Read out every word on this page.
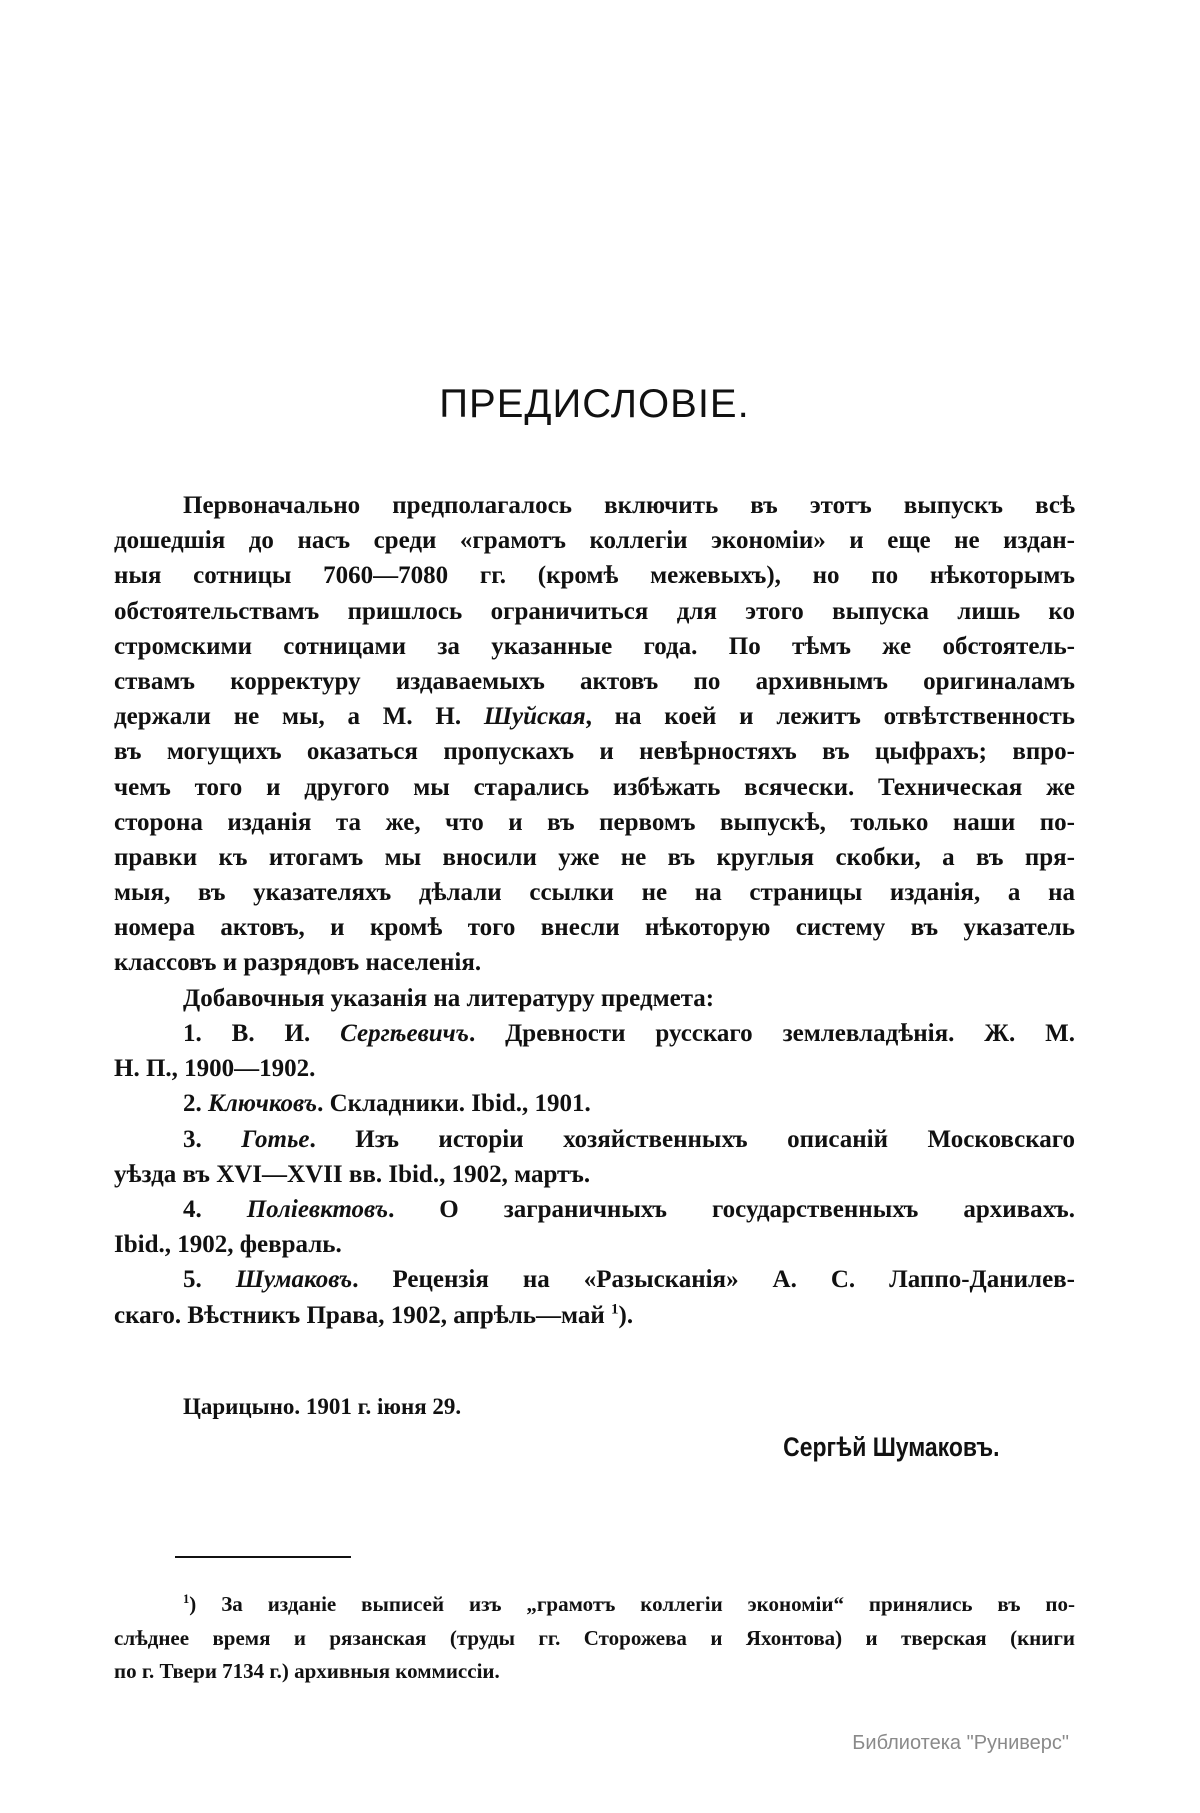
ПРЕДИСЛОВІЕ.
Первоначально предполагалось включить въ этотъ выпускъ всѣ
дошедшія до насъ среди «грамотъ коллегіи экономіи» и еще не издан-
ныя сотницы 7060—7080 гг. (кромѣ межевыхъ), но по нѣкоторымъ
обстоятельствамъ пришлось ограничиться для этого выпуска лишь ко
стромскими сотницами за указанные года. По тѣмъ же обстоятель-
ствамъ корректуру издаваемыхъ актовъ по архивнымъ оригиналамъ
держали не мы, а М. Н. Шуйская, на коей и лежитъ отвѣтственность
въ могущихъ оказаться пропускахъ и невѣрностяхъ въ цыфрахъ; впро-
чемъ того и другого мы старались избѣжать всячески. Техническая же
сторона изданія та же, что и въ первомъ выпускѣ, только наши по-
правки къ итогамъ мы вносили уже не въ круглыя скобки, а въ пря-
мыя, въ указателяхъ дѣлали ссылки не на страницы изданія, а на
номера актовъ, и кромѣ того внесли нѣкоторую систему въ указатель
классовъ и разрядовъ населенія.
Добавочныя указанія на литературу предмета:
1. В. И. Сергѣевичъ. Древности русскаго землевладѣнія. Ж. М.
Н. П., 1900—1902.
2. Ключковъ. Складники. Ibid., 1901.
3. Готье. Изъ исторіи хозяйственныхъ описаній Московскаго
уѣзда въ XVI—XVII вв. Ibid., 1902, мартъ.
4. Поліевктовъ. О заграничныхъ государственныхъ архивахъ.
Ibid., 1902, февраль.
5. Шумаковъ. Рецензія на «Разысканія» А. С. Лаппо-Данилев-
скаго. Вѣстникъ Права, 1902, апрѣль—май $^1$).
Царицыно. 1901 г. іюня 29.
Сергѣй Шумаковъ.
$^1$) За изданіе выписей изъ „грамотъ коллегіи экономіи“ принялись въ по-
слѣднее время и рязанская (труды гг. Сторожева и Яхонтова) и тверская (книги
по г. Твери 7134 г.) архивныя коммиссіи.
Библиотека "Руниверс"
